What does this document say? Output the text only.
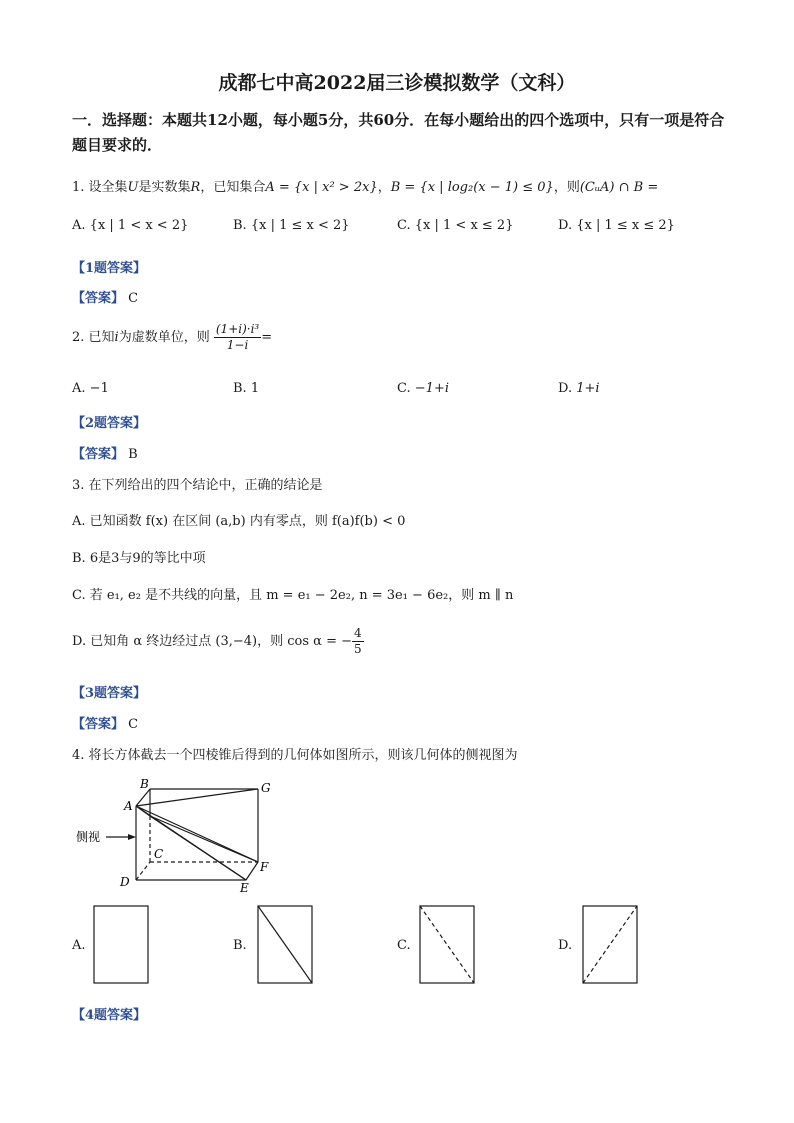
成都七中高2022届三诊模拟数学（文科）
一．选择题：本题共12小题，每小题5分，共60分．在每小题给出的四个选项中，只有一项是符合题目要求的．
1. 设全集U是实数集R，已知集合A = {x | x² > 2x}，B = {x | log₂(x − 1) ≤ 0}，则(CᵤA) ∩ B =
A. {x | 1 < x < 2}	B. {x | 1 ≤ x < 2}	C. {x | 1 < x ≤ 2}	D. {x | 1 ≤ x ≤ 2}
【1题答案】
【答案】 C
2. 已知i为虚数单位，则 $\frac{\text{(1+i)·i³}}{1-i}$ =
A. −1	B. 1	C. −1+i	D. 1+i
【2题答案】
【答案】 B
3. 在下列给出的四个结论中，正确的结论是
A. 已知函数 f(x) 在区间 (a,b) 内有零点，则 f(a)f(b) < 0
B. 6是3与9的等比中项
C. 若 e₁, e₂ 是不共线的向量，且 m = e₁ − 2e₂, n = 3e₁ − 6e₂，则 m ∥ n
D. 已知角 α 终边经过点 (3,−4)，则 cos α = − $\frac{4}{5}$
【3题答案】
【答案】 C
4. 将长方体截去一个四棱锥后得到的几何体如图所示，则该几何体的侧视图为
A
B
C
D	E
F
G
侧视
A.	B.	C.	D.
【4题答案】
